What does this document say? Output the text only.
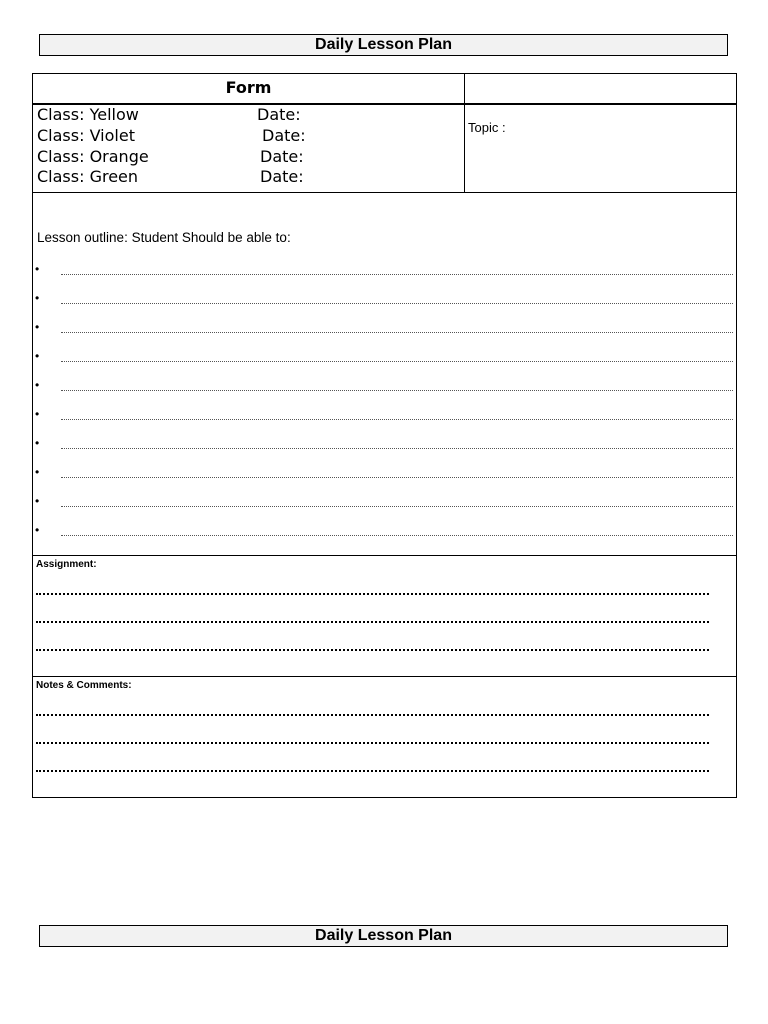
Daily Lesson Plan
Form
Class: Yellow	Date:
Class: Violet	Date:
Class: Orange	Date:
Class: Green	Date:
Topic :
Lesson outline: Student Should be able to:
•
•
•
•
•
•
•
•
•
•
Assignment:
Notes & Comments:
Daily Lesson Plan
